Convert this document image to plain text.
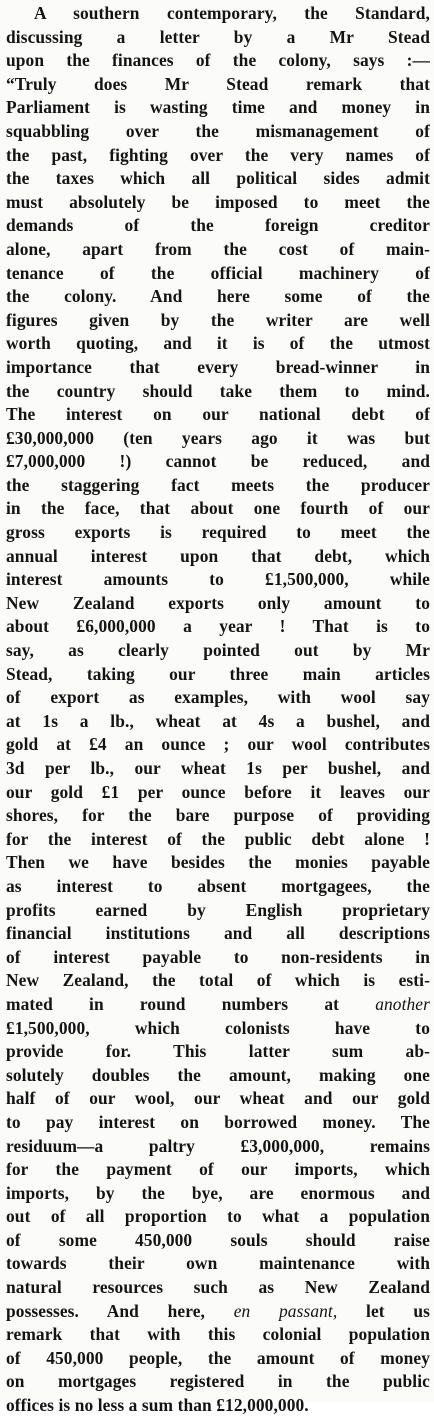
A southern contemporary, the Standard,
discussing a letter by a Mr Stead
upon the finances of the colony, says :—
“Truly does Mr Stead remark that
Parliament is wasting time and money in
squabbling over the mismanagement of
the past, fighting over the very names of
the taxes which all political sides admit
must absolutely be imposed to meet the
demands of the foreign creditor
alone, apart from the cost of main-
tenance of the official machinery of
the colony. And here some of the
figures given by the writer are well
worth quoting, and it is of the utmost
importance that every bread-winner in
the country should take them to mind.
The interest on our national debt of
£30,000,000 (ten years ago it was but
£7,000,000 !) cannot be reduced, and
the staggering fact meets the producer
in the face, that about one fourth of our
gross exports is required to meet the
annual interest upon that debt, which
interest amounts to £1,500,000, while
New Zealand exports only amount to
about £6,000,000 a year ! That is to
say, as clearly pointed out by Mr
Stead, taking our three main articles
of export as examples, with wool say
at 1s a lb., wheat at 4s a bushel, and
gold at £4 an ounce ; our wool contributes
3d per lb., our wheat 1s per bushel, and
our gold £1 per ounce before it leaves our
shores, for the bare purpose of providing
for the interest of the public debt alone !
Then we have besides the monies payable
as interest to absent mortgagees, the
profits earned by English proprietary
financial institutions and all descriptions
of interest payable to non-residents in
New Zealand, the total of which is esti-
mated in round numbers at another
£1,500,000, which colonists have to
provide for. This latter sum ab-
solutely doubles the amount, making one
half of our wool, our wheat and our gold
to pay interest on borrowed money. The
residuum—a paltry £3,000,000, remains
for the payment of our imports, which
imports, by the bye, are enormous and
out of all proportion to what a population
of some 450,000 souls should raise
towards their own maintenance with
natural resources such as New Zealand
possesses. And here, en passant, let us
remark that with this colonial population
of 450,000 people, the amount of money
on mortgages registered in the public
offices is no less a sum than £12,000,000.
